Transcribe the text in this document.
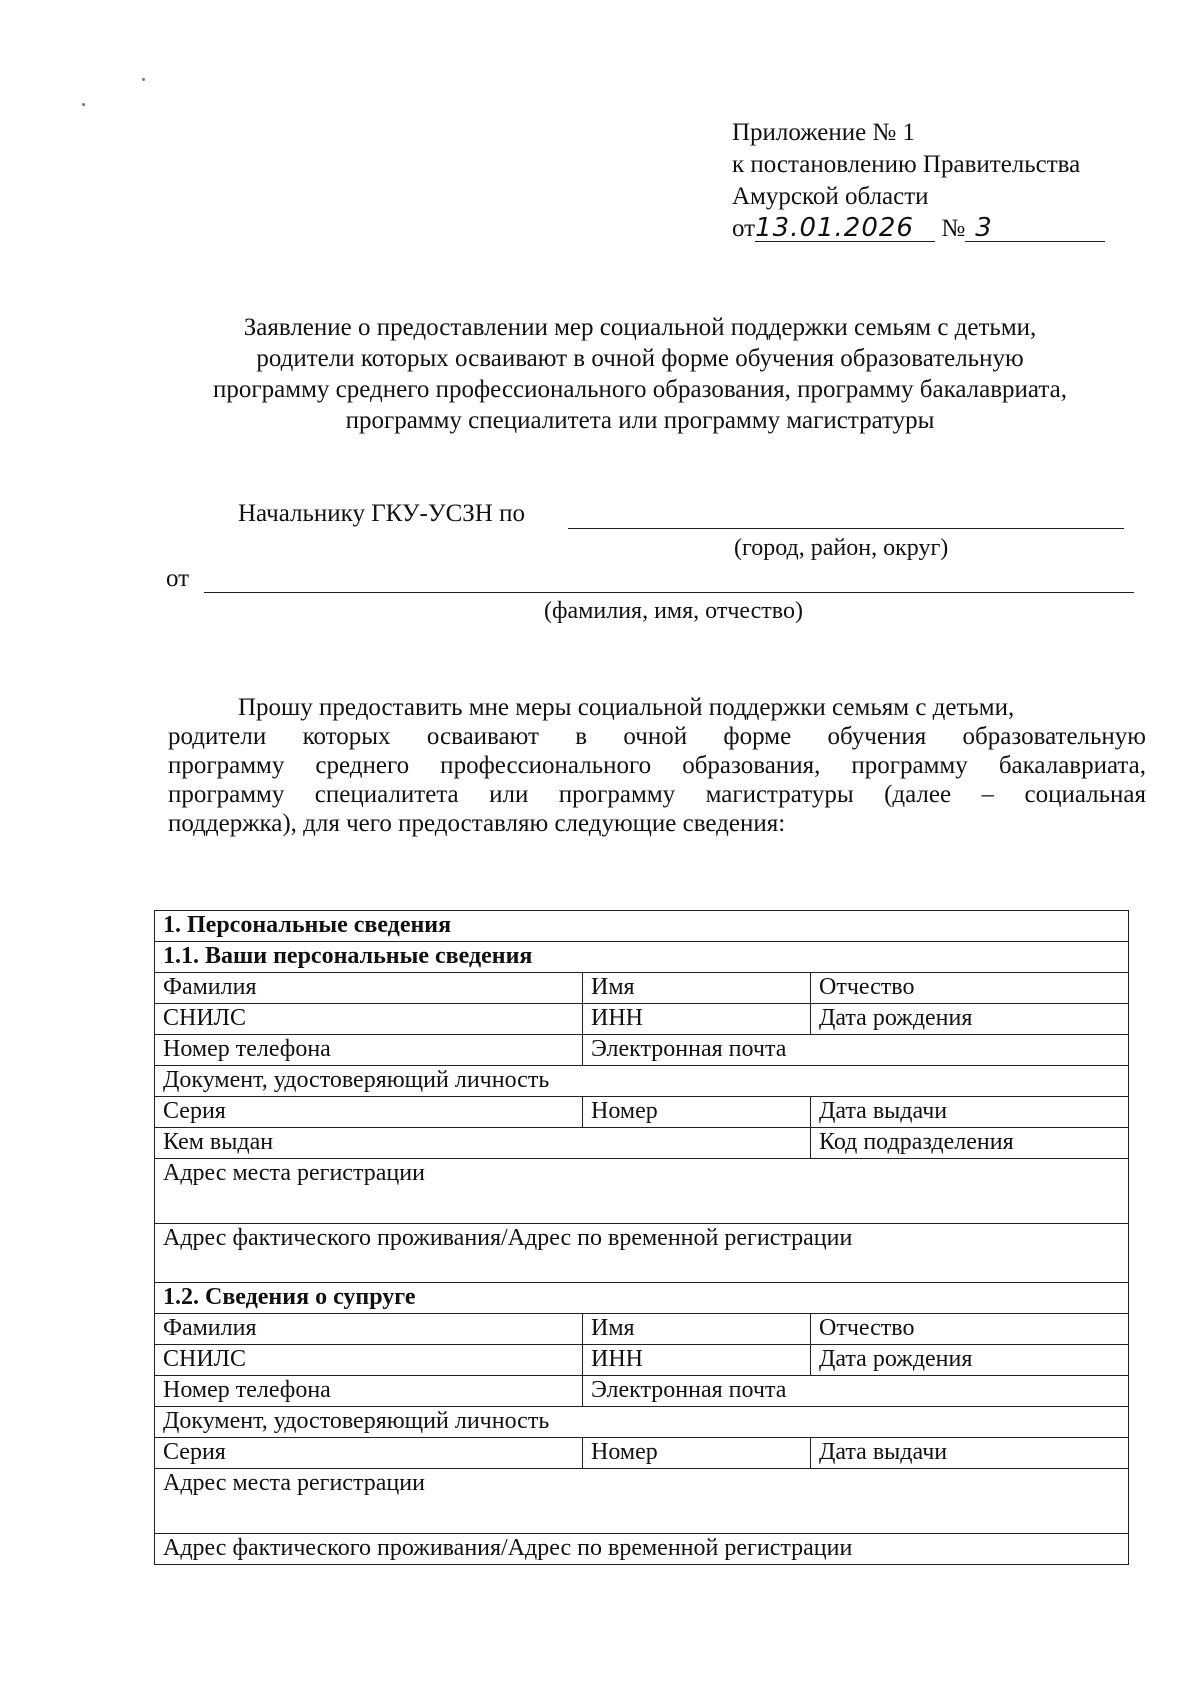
Приложение № 1
к постановлению Правительства
Амурской области
от13.01.2026 № 3
Заявление о предоставлении мер социальной поддержки семьям с детьми,
родители которых осваивают в очной форме обучения образовательную
программу среднего профессионального образования, программу бакалавриата,
программу специалитета или программу магистратуры
Начальнику ГКУ-УСЗН по
(город, район, округ)
от
(фамилия, имя, отчество)
Прошу предоставить мне меры социальной поддержки семьям с детьми,
родители которых осваивают в очной форме обучения образовательную
программу среднего профессионального образования, программу бакалавриата,
программу специалитета или программу магистратуры (далее – социальная
поддержка), для чего предоставляю следующие сведения:
1. Персональные сведения		
1.1. Ваши персональные сведения		
Фамилия	Имя	Отчество
СНИЛС	ИНН	Дата рождения
Номер телефона	Электронная почта	
Документ, удостоверяющий личность		
Серия	Номер	Дата выдачи
Кем выдан		Код подразделения
Адрес места регистрации		
Адрес фактического проживания/Адрес по временной регистрации		
1.2. Сведения о супруге		
Фамилия	Имя	Отчество
СНИЛС	ИНН	Дата рождения
Номер телефона	Электронная почта	
Документ, удостоверяющий личность		
Серия	Номер	Дата выдачи
Адрес места регистрации		
Адрес фактического проживания/Адрес по временной регистрации		
